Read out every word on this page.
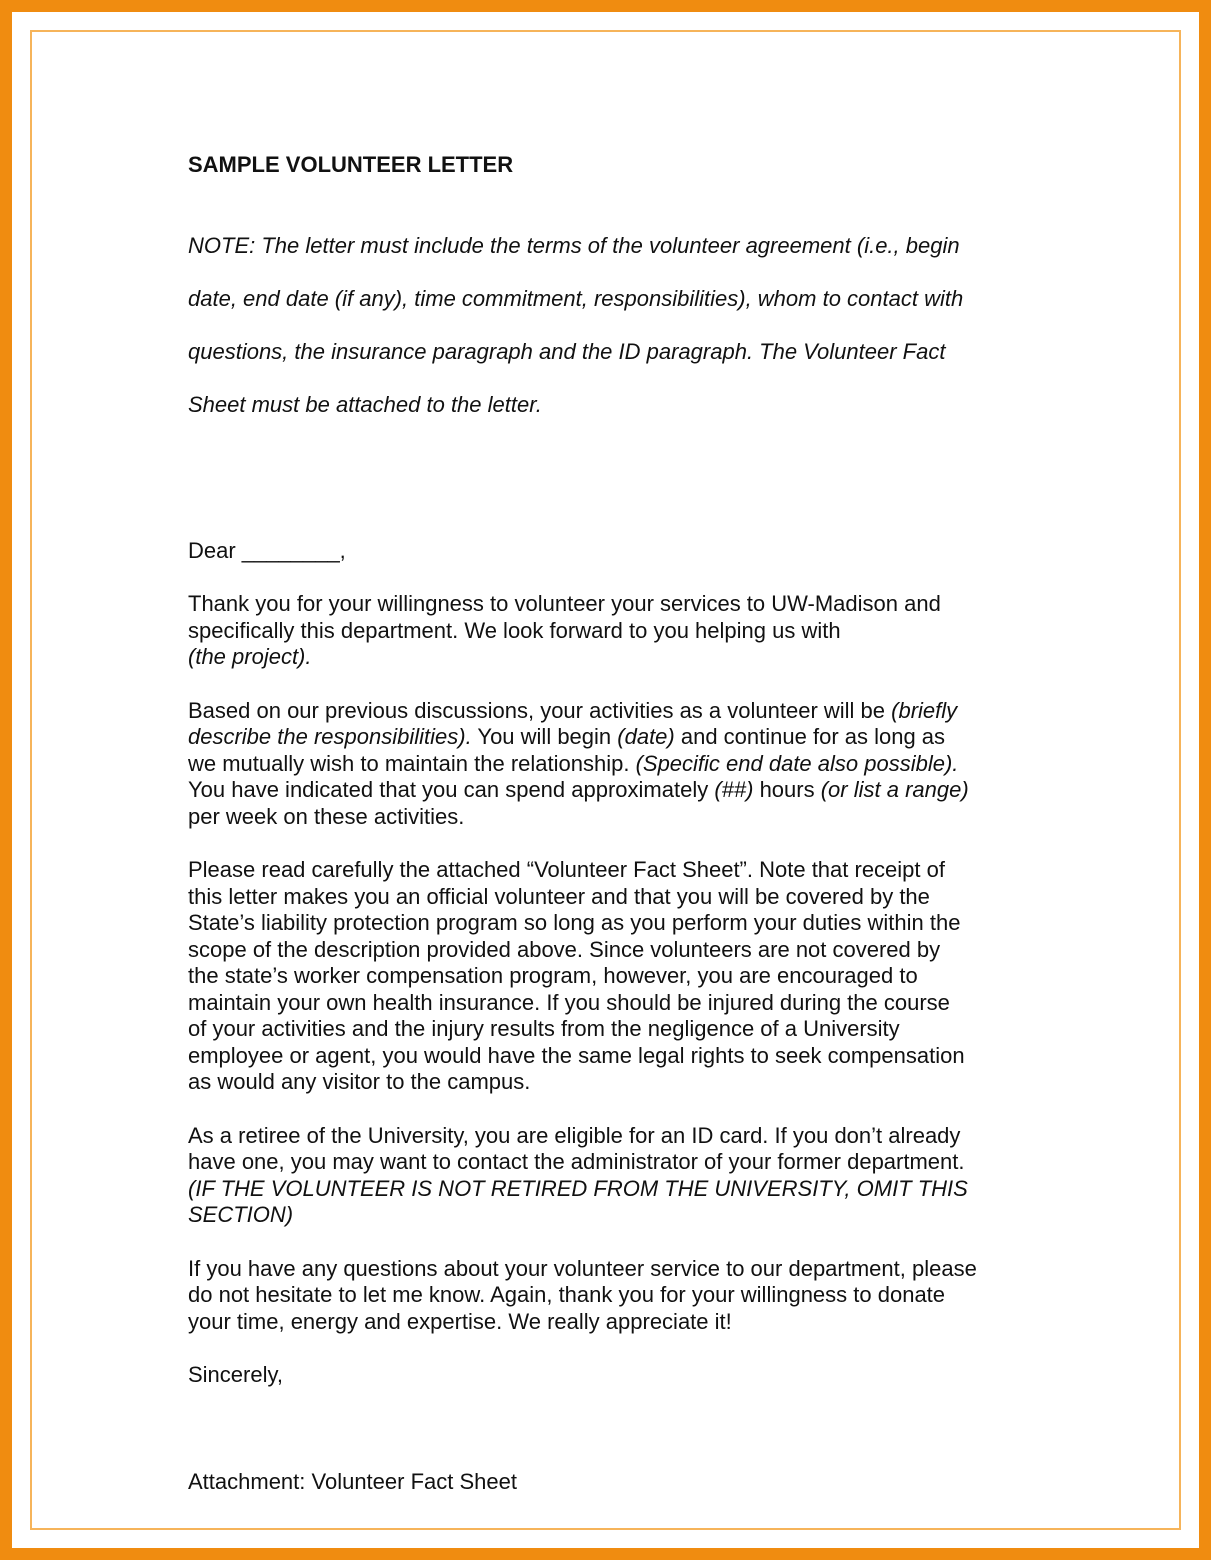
SAMPLE VOLUNTEER LETTER

NOTE: The letter must include the terms of the volunteer agreement (i.e., begin

date, end date (if any), time commitment, responsibilities), whom to contact with

questions, the insurance paragraph and the ID paragraph. The Volunteer Fact

Sheet must be attached to the letter.

Dear ________,

Thank you for your willingness to volunteer your services to UW-Madison and
specifically this department. We look forward to you helping us with
(the project).

Based on our previous discussions, your activities as a volunteer will be (briefly
describe the responsibilities). You will begin (date) and continue for as long as
we mutually wish to maintain the relationship. (Specific end date also possible).
You have indicated that you can spend approximately (##) hours (or list a range)
per week on these activities.

Please read carefully the attached “Volunteer Fact Sheet”. Note that receipt of
this letter makes you an official volunteer and that you will be covered by the
State’s liability protection program so long as you perform your duties within the
scope of the description provided above. Since volunteers are not covered by
the state’s worker compensation program, however, you are encouraged to
maintain your own health insurance. If you should be injured during the course
of your activities and the injury results from the negligence of a University
employee or agent, you would have the same legal rights to seek compensation
as would any visitor to the campus.

As a retiree of the University, you are eligible for an ID card. If you don’t already
have one, you may want to contact the administrator of your former department.
(IF THE VOLUNTEER IS NOT RETIRED FROM THE UNIVERSITY, OMIT THIS
SECTION)

If you have any questions about your volunteer service to our department, please
do not hesitate to let me know. Again, thank you for your willingness to donate
your time, energy and expertise. We really appreciate it!

Sincerely,

Attachment: Volunteer Fact Sheet
